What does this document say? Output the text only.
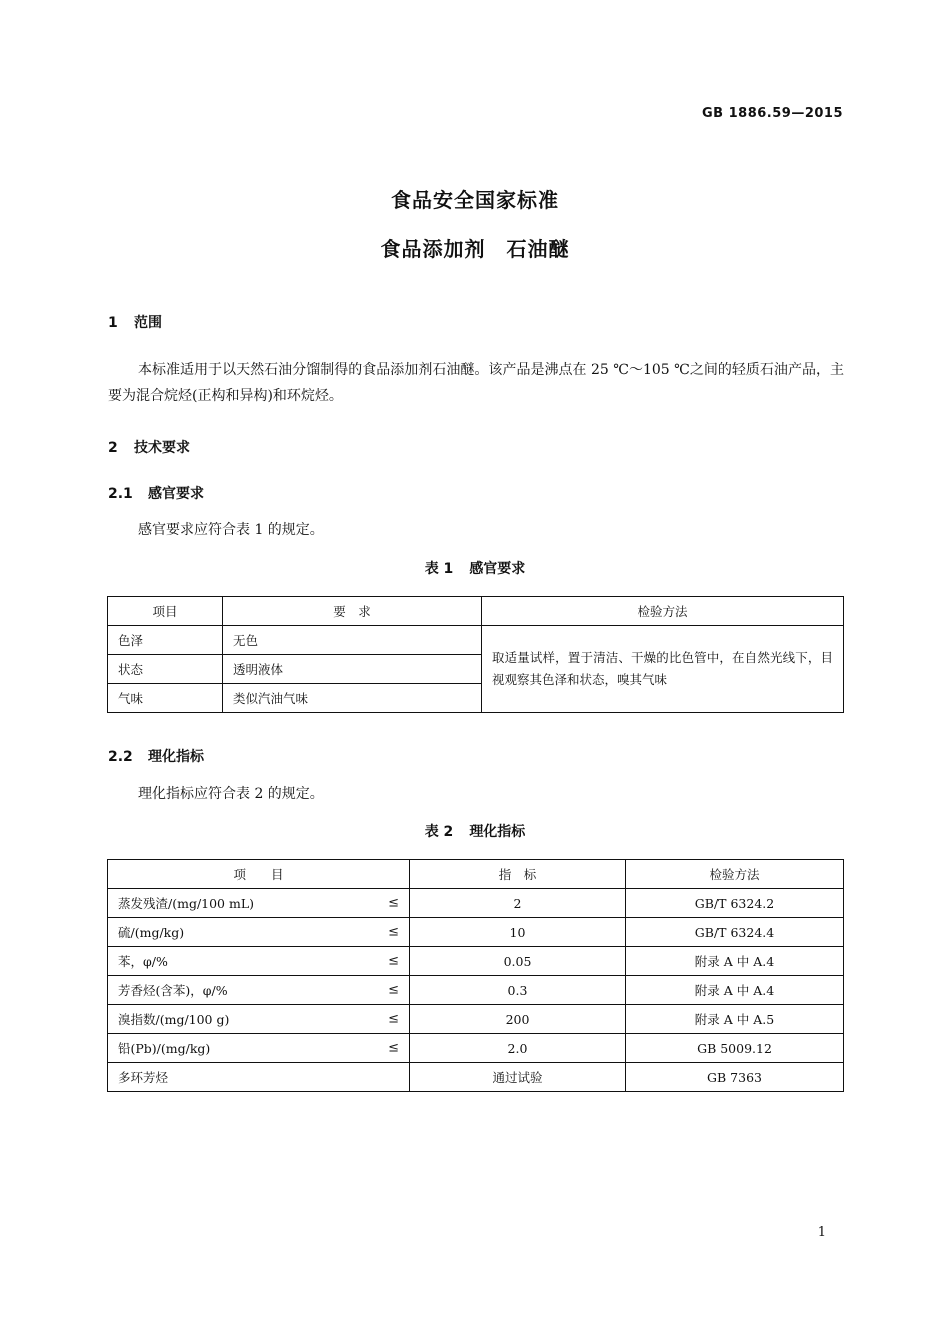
GB 1886.59—2015
食品安全国家标准
食品添加剂　石油醚
1 范围

本标准适用于以天然石油分馏制得的食品添加剂石油醚。该产品是沸点在 25 ℃～105 ℃之间的轻质石油产品，主要为混合烷烃(正构和异构)和环烷烃。

2 技术要求
2.1 感官要求

感官要求应符合表 1 的规定。

表 1 感官要求
项目	要　求	检验方法
色泽	无色	取适量试样，置于清洁、干燥的比色管中，在自然光线下，目视观察其色泽和状态，嗅其气味
状态	透明液体	
气味	类似汽油气味	
2.2 理化指标

理化指标应符合表 2 的规定。

表 2 理化指标
项　　目	指　标	检验方法
蒸发残渣/(mg/100 mL) ≤	2	GB/T 6324.2
硫/(mg/kg) ≤	10	GB/T 6324.4
苯，φ/% ≤	0.05	附录 A 中 A.4
芳香烃(含苯)，φ/% ≤	0.3	附录 A 中 A.4
溴指数/(mg/100 g) ≤	200	附录 A 中 A.5
铅(Pb)/(mg/kg) ≤	2.0	GB 5009.12
多环芳烃	通过试验	GB 7363
1
